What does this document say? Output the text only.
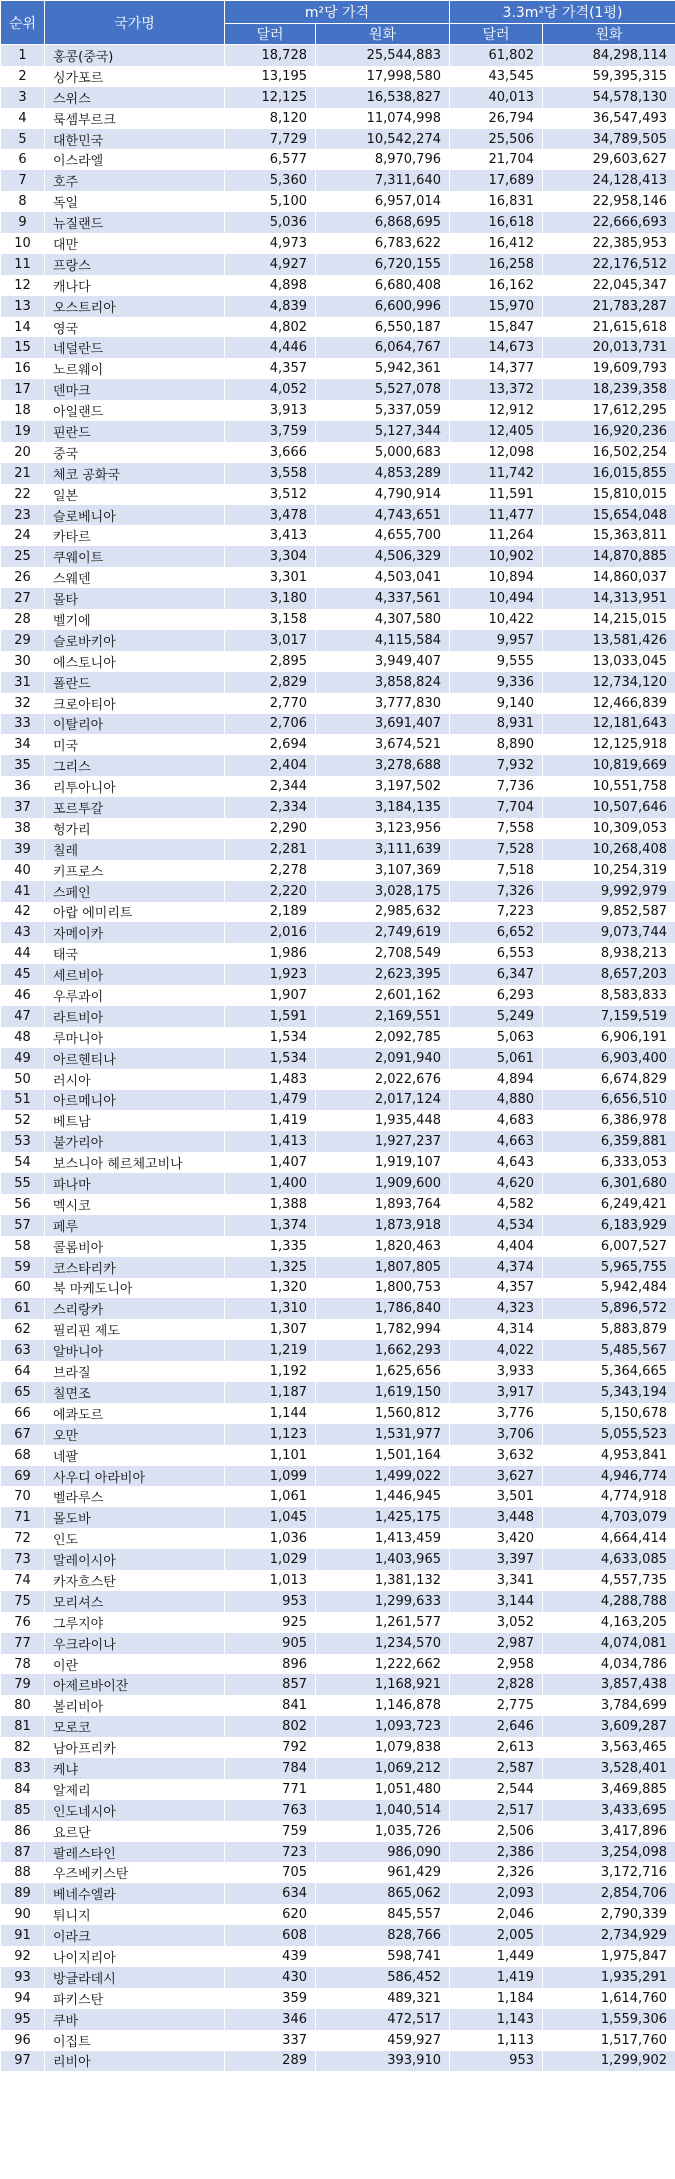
순위	국가명	m²당 가격		3.3m²당 가격(1평)	
		달러	원화	달러	원화
1	홍콩(중국)	18,728	25,544,883	61,802	84,298,114
2	싱가포르	13,195	17,998,580	43,545	59,395,315
3	스위스	12,125	16,538,827	40,013	54,578,130
4	룩셈부르크	8,120	11,074,998	26,794	36,547,493
5	대한민국	7,729	10,542,274	25,506	34,789,505
6	이스라엘	6,577	8,970,796	21,704	29,603,627
7	호주	5,360	7,311,640	17,689	24,128,413
8	독일	5,100	6,957,014	16,831	22,958,146
9	뉴질랜드	5,036	6,868,695	16,618	22,666,693
10	대만	4,973	6,783,622	16,412	22,385,953
11	프랑스	4,927	6,720,155	16,258	22,176,512
12	캐나다	4,898	6,680,408	16,162	22,045,347
13	오스트리아	4,839	6,600,996	15,970	21,783,287
14	영국	4,802	6,550,187	15,847	21,615,618
15	네덜란드	4,446	6,064,767	14,673	20,013,731
16	노르웨이	4,357	5,942,361	14,377	19,609,793
17	덴마크	4,052	5,527,078	13,372	18,239,358
18	아일랜드	3,913	5,337,059	12,912	17,612,295
19	핀란드	3,759	5,127,344	12,405	16,920,236
20	중국	3,666	5,000,683	12,098	16,502,254
21	체코 공화국	3,558	4,853,289	11,742	16,015,855
22	일본	3,512	4,790,914	11,591	15,810,015
23	슬로베니아	3,478	4,743,651	11,477	15,654,048
24	카타르	3,413	4,655,700	11,264	15,363,811
25	쿠웨이트	3,304	4,506,329	10,902	14,870,885
26	스웨덴	3,301	4,503,041	10,894	14,860,037
27	몰타	3,180	4,337,561	10,494	14,313,951
28	벨기에	3,158	4,307,580	10,422	14,215,015
29	슬로바키아	3,017	4,115,584	9,957	13,581,426
30	에스토니아	2,895	3,949,407	9,555	13,033,045
31	폴란드	2,829	3,858,824	9,336	12,734,120
32	크로아티아	2,770	3,777,830	9,140	12,466,839
33	이탈리아	2,706	3,691,407	8,931	12,181,643
34	미국	2,694	3,674,521	8,890	12,125,918
35	그리스	2,404	3,278,688	7,932	10,819,669
36	리투아니아	2,344	3,197,502	7,736	10,551,758
37	포르투갈	2,334	3,184,135	7,704	10,507,646
38	헝가리	2,290	3,123,956	7,558	10,309,053
39	칠레	2,281	3,111,639	7,528	10,268,408
40	키프로스	2,278	3,107,369	7,518	10,254,319
41	스페인	2,220	3,028,175	7,326	9,992,979
42	아랍 에미리트	2,189	2,985,632	7,223	9,852,587
43	자메이카	2,016	2,749,619	6,652	9,073,744
44	태국	1,986	2,708,549	6,553	8,938,213
45	세르비아	1,923	2,623,395	6,347	8,657,203
46	우루과이	1,907	2,601,162	6,293	8,583,833
47	라트비아	1,591	2,169,551	5,249	7,159,519
48	루마니아	1,534	2,092,785	5,063	6,906,191
49	아르헨티나	1,534	2,091,940	5,061	6,903,400
50	러시아	1,483	2,022,676	4,894	6,674,829
51	아르메니아	1,479	2,017,124	4,880	6,656,510
52	베트남	1,419	1,935,448	4,683	6,386,978
53	불가리아	1,413	1,927,237	4,663	6,359,881
54	보스니아 헤르체고비나	1,407	1,919,107	4,643	6,333,053
55	파나마	1,400	1,909,600	4,620	6,301,680
56	멕시코	1,388	1,893,764	4,582	6,249,421
57	페루	1,374	1,873,918	4,534	6,183,929
58	콜롬비아	1,335	1,820,463	4,404	6,007,527
59	코스타리카	1,325	1,807,805	4,374	5,965,755
60	북 마케도니아	1,320	1,800,753	4,357	5,942,484
61	스리랑카	1,310	1,786,840	4,323	5,896,572
62	필리핀 제도	1,307	1,782,994	4,314	5,883,879
63	알바니아	1,219	1,662,293	4,022	5,485,567
64	브라질	1,192	1,625,656	3,933	5,364,665
65	칠면조	1,187	1,619,150	3,917	5,343,194
66	에콰도르	1,144	1,560,812	3,776	5,150,678
67	오만	1,123	1,531,977	3,706	5,055,523
68	네팔	1,101	1,501,164	3,632	4,953,841
69	사우디 아라비아	1,099	1,499,022	3,627	4,946,774
70	벨라루스	1,061	1,446,945	3,501	4,774,918
71	몰도바	1,045	1,425,175	3,448	4,703,079
72	인도	1,036	1,413,459	3,420	4,664,414
73	말레이시아	1,029	1,403,965	3,397	4,633,085
74	카자흐스탄	1,013	1,381,132	3,341	4,557,735
75	모리셔스	953	1,299,633	3,144	4,288,788
76	그루지야	925	1,261,577	3,052	4,163,205
77	우크라이나	905	1,234,570	2,987	4,074,081
78	이란	896	1,222,662	2,958	4,034,786
79	아제르바이잔	857	1,168,921	2,828	3,857,438
80	볼리비아	841	1,146,878	2,775	3,784,699
81	모로코	802	1,093,723	2,646	3,609,287
82	남아프리카	792	1,079,838	2,613	3,563,465
83	케냐	784	1,069,212	2,587	3,528,401
84	알제리	771	1,051,480	2,544	3,469,885
85	인도네시아	763	1,040,514	2,517	3,433,695
86	요르단	759	1,035,726	2,506	3,417,896
87	팔레스타인	723	986,090	2,386	3,254,098
88	우즈베키스탄	705	961,429	2,326	3,172,716
89	베네수엘라	634	865,062	2,093	2,854,706
90	튀니지	620	845,557	2,046	2,790,339
91	이라크	608	828,766	2,005	2,734,929
92	나이지리아	439	598,741	1,449	1,975,847
93	방글라데시	430	586,452	1,419	1,935,291
94	파키스탄	359	489,321	1,184	1,614,760
95	쿠바	346	472,517	1,143	1,559,306
96	이집트	337	459,927	1,113	1,517,760
97	리비아	289	393,910	953	1,299,902
